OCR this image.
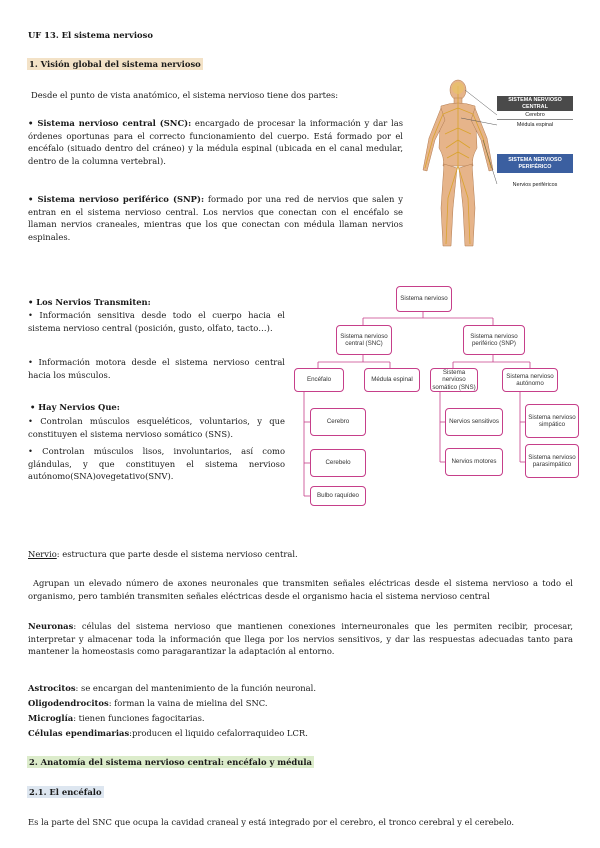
UF 13. El sistema nervioso
1. Visión global del sistema nervioso
Desde el punto de vista anatómico, el sistema nervioso tiene dos partes:
• Sistema nervioso central (SNC): encargado de procesar la información y dar las órdenes oportunas para el correcto funcionamiento del cuerpo. Está formado por el encéfalo (situado dentro del cráneo) y la médula espinal (ubicada en el canal medular, dentro de la columna vertebral).
• Sistema nervioso periférico (SNP): formado por una red de nervios que salen y entran en el sistema nervioso central. Los nervios que conectan con el encéfalo se llaman nervios craneales, mientras que los que conectan con médula llaman nervios espinales.
SISTEMA NERVIOSO CENTRAL
Cerebro
Médula espinal
SISTEMA NERVIOSO PERIFÉRICO
Nervios periféricos
• Los Nervios Transmiten:
• Información sensitiva desde todo el cuerpo hacia el sistema nervioso central (posición, gusto, olfato, tacto…).
• Información motora desde el sistema nervioso central hacia los músculos.
• Hay Nervios Que:
• Controlan músculos esqueléticos, voluntarios, y que constituyen el sistema nervioso somático (SNS).
• Controlan músculos lisos, involuntarios, así como glándulas, y que constituyen el sistema nervioso autónomo(SNA)ovegetativo(SNV).
Sistema nervioso
Sistema nervioso central (SNC)
Sistema nervioso periférico (SNP)
Encéfalo	Médula espinal
Sistema nervioso somático (SNS)
Sistema nervioso autónomo
Cerebro
Cerebelo
Bulbo raquídeo
Nervios sensitivos
Nervios motores
Sistema nervioso simpático
Sistema nervioso parasimpático
Nervio: estructura que parte desde el sistema nervioso central.
Agrupan un elevado número de axones neuronales que transmiten señales eléctricas desde el sistema nervioso a todo el organismo, pero también transmiten señales eléctricas desde el organismo hacia el sistema nervioso central
Neuronas: células del sistema nervioso que mantienen conexiones interneuronales que les permiten recibir, procesar, interpretar y almacenar toda la información que llega por los nervios sensitivos, y dar las respuestas adecuadas tanto para mantener la homeostasis como paragarantizar la adaptación al entorno.
Astrocitos: se encargan del mantenimiento de la función neuronal.
Oligodendrocitos: forman la vaina de mielina del SNC.
Microglía: tienen funciones fagocitarias.
Células ependimarias:producen el liquido cefalorraquideo LCR.
2. Anatomía del sistema nervioso central: encéfalo y médula
2.1. El encéfalo
Es la parte del SNC que ocupa la cavidad craneal y está integrado por el cerebro, el tronco cerebral y el cerebelo.
